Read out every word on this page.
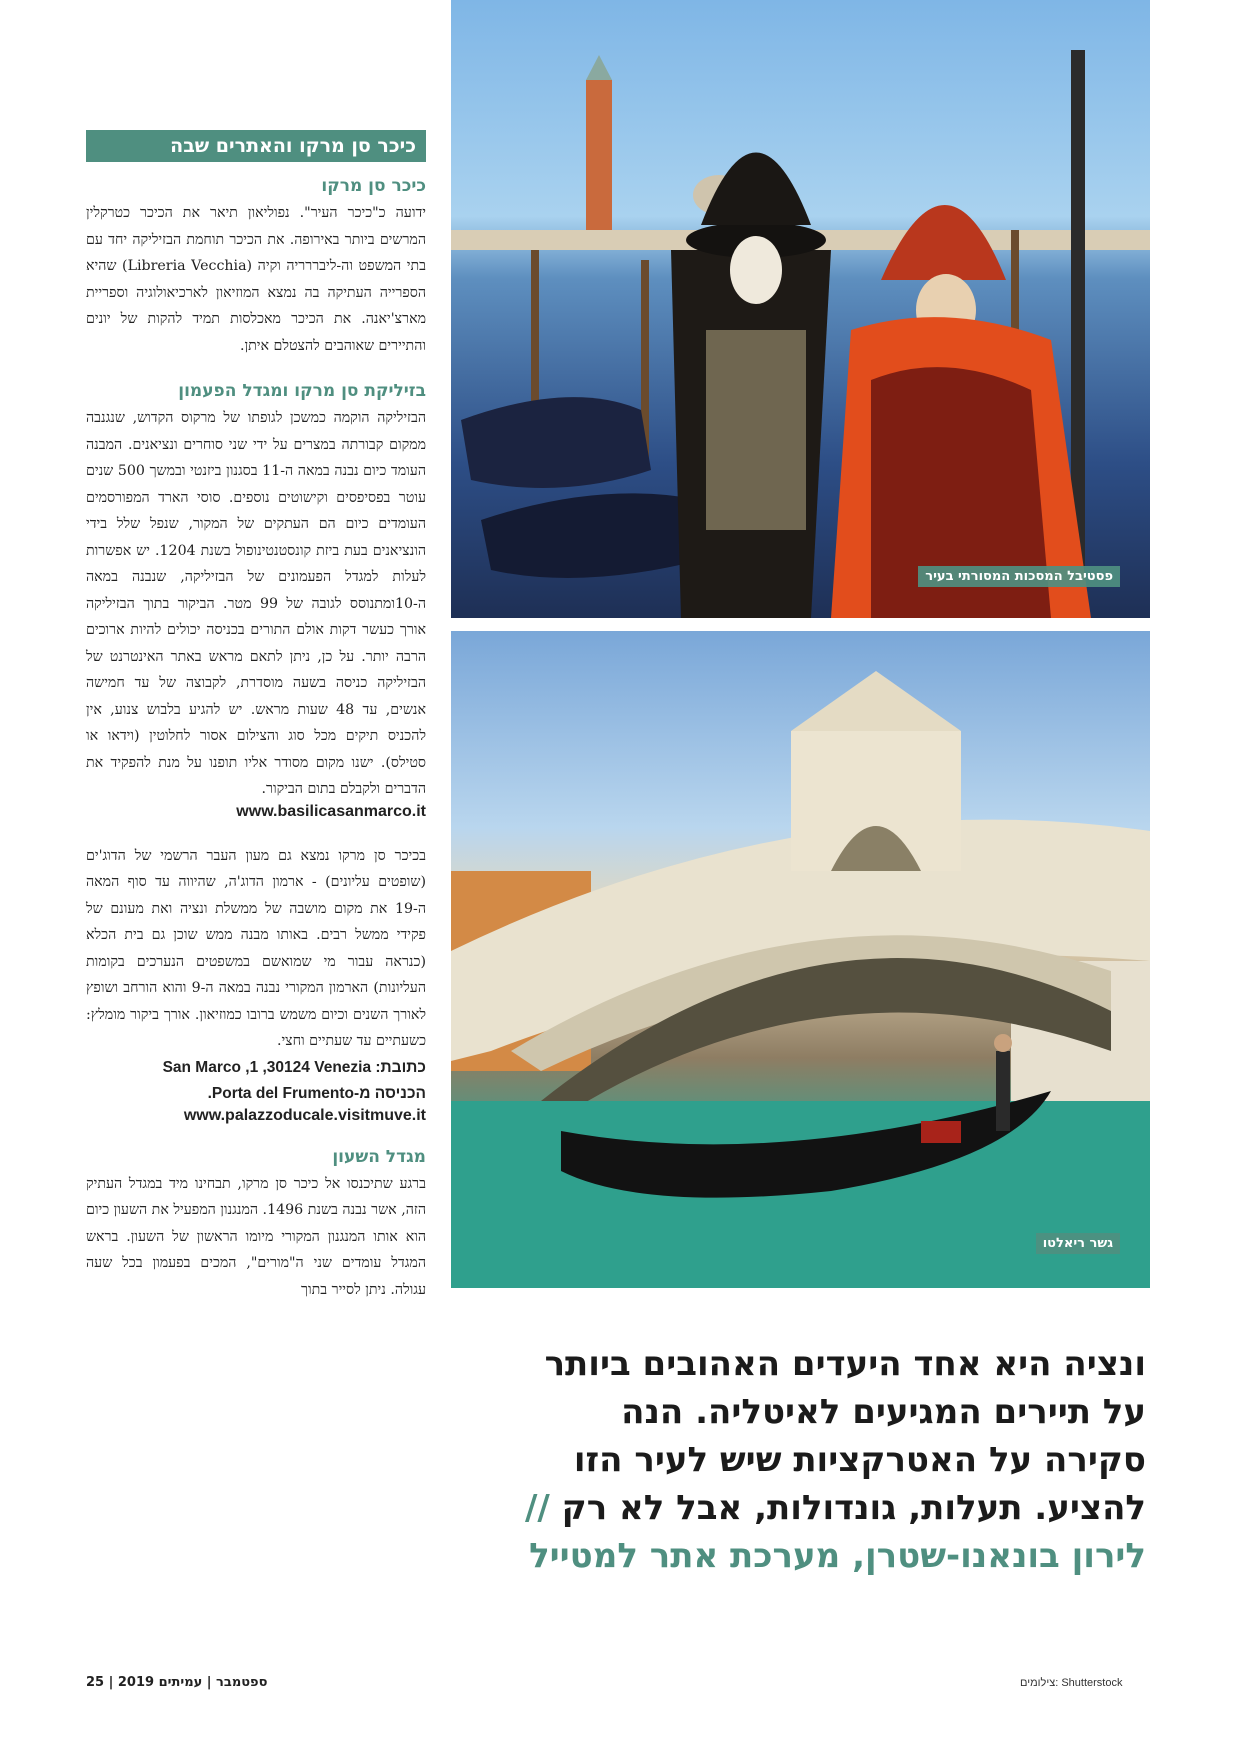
כיכר סן מרקו והאתרים שבה
כיכר סן מרקו

ידועה כ"כיכר העיר". נפוליאון תיאר את הכיכר כטרקלין המרשים ביותר באירופה. את הכיכר תוחמת הבזיליקה יחד עם בתי המשפט וה-ליבררריה וקיה (Libreria Vecchia) שהיא הספרייה העתיקה בה נמצא המוזיאון לארכיאולוגיה וספריית מארצ'יאנה. את הכיכר מאכלסות תמיד להקות של יונים והתיירים שאוהבים להצטלם איתן.

בזיליקת סן מרקו ומגדל הפעמון

הבזיליקה הוקמה כמשכן לגופתו של מרקוס הקדוש, שנגנבה ממקום קבורתה במצרים על ידי שני סוחרים ונציאנים. המבנה העומד כיום נבנה במאה ה-11 בסגנון ביזנטי ובמשך 500 שנים עוטר בפסיפסים וקישוטים נוספים. סוסי הארד המפורסמים העומדים כיום הם העתקים של המקור, שנפל שלל בידי הונציאנים בעת ביזת קונסטנטינופול בשנת 1204. יש אפשרות לעלות למגדל הפעמונים של הבזיליקה, שנבנה במאה ה-10ומתנוסס לגובה של 99 מטר. הביקור בתוך הבזיליקה אורך כעשר דקות אולם התורים בכניסה יכולים להיות ארוכים הרבה יותר. על כן, ניתן לתאם מראש באתר האינטרנט של הבזיליקה כניסה בשעה מוסדרת, לקבוצה של עד חמישה אנשים, עד 48 שעות מראש. יש להגיע בלבוש צנוע, אין להכניס תיקים מכל סוג והצילום אסור לחלוטין (וידאו או סטילס). ישנו מקום מסודר אליו תופנו על מנת להפקיד את הדברים ולקבלם בתום הביקור.

www.basilicasanmarco.it

בכיכר סן מרקו נמצא גם מעון העבר הרשמי של הדוג'ים (שופטים עליונים) - ארמון הדוג'ה, שהיווה עד סוף המאה ה-19 את מקום מושבה של ממשלת ונציה ואת מעונם של פקידי ממשל רבים. באותו מבנה ממש שוכן גם בית הכלא (כנראה עבור מי שמואשם במשפטים הנערכים בקומות העליונות) הארמון המקורי נבנה במאה ה-9 והוא הורחב ושופץ לאורך השנים וכיום משמש ברובו כמוזיאון. אורך ביקור מומלץ: כשעתיים עד שעתיים וחצי.

כתובת: San Marco ,1 ,30124 Venezia
הכניסה מ-Porta del Frumento.
www.palazzoducale.visitmuve.it
מגדל השעון

ברגע שתיכנסו אל כיכר סן מרקו, תבחינו מיד במגדל העתיק הזה, אשר נבנה בשנת 1496. המנגנון המפעיל את השעון כיום הוא אותו המנגנון המקורי מיומו הראשון של השעון. בראש המגדל עומדים שני ה"מורים", המכים בפעמון בכל שעה עגולה. ניתן לסייר בתוך

פסטיבל המסכות המסורתי בעיר
גשר ריאלטו
ונציה היא אחד היעדים האהובים ביותר על תיירים המגיעים לאיטליה. הנה סקירה על האטרקציות שיש לעיר הזו להציע. תעלות, גונדולות, אבל לא רק // לירון בונאנו-שטרן, מערכת אתר למטייל
25 | 2019 ספטמבר | עמיתים	צילומים: Shutterstock
